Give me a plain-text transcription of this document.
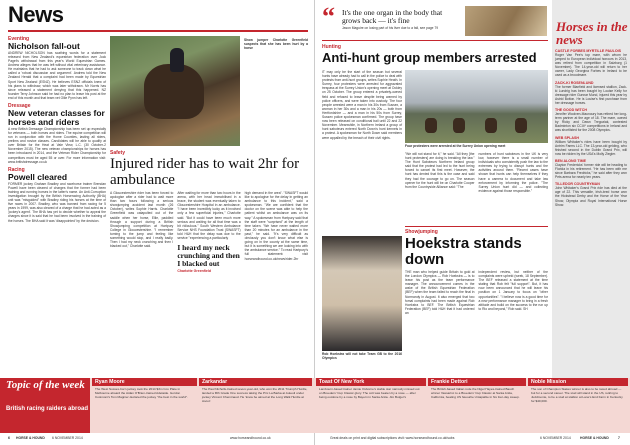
News

Eventing

Nicholson fall-out

ANDREW NICHOLSON has scathing words for a statement released from New Zealand's equestrian federation over Jock Paget's withdrawal from this year's World Equestrian Games. Andrew alleges that he was left without vital veterinary assistance. He maintains that he had to ask someone to track down what he called a 'robust discussion and argument'. Andrew told the New Zealand Herald that a complaint had been made by Equestrian Sport New Zealand (ESNZ). He believes ESNZ officials knew of his plans to withdraw, which was later withdrawn. Mr Norris has since released a statement denying that this happened. NZ founder Terry Johnson said he had no plan to leave his post at the end of this month and that team vet Ollie Pynn has left.

Dressage

New veteran classes for horses and riders

A new British Dressage Championship has been set up especially for veterans — both horses and riders. The equine competition will run in conjunction with the Home Counties, lasting all riders, prelims and novice classes. Candidates will be able to qualify at over Britain for the Heat at Vale View, L.C. (30 October-2 November 2015). The new veteran championships for horses has been introduced in 2014, and the Veteran Rider Championship for competitors must be aged 55 or over. For more information visit: www.britishdressage.co.uk

Racing

Powell cleared

FORMER jockey Graham Bradley and racehorse trainer Brendan Powell have been cleared of charges that the former had been training and running horses in the latter's name. An Anti-Corruption investigation brought by the British Horseracing Authority (BHA) unit was "misguided" with Bradley riding his horses at the time of five races in 2007. Bradley, who was banned from racing for 5 years in 1999, was also cleared of a charge that he had acted as a 'jockey's agent'. The BHA has yet to decide whether to appeal the charges since it is said that he had been involved in the training of the horses. The BHA said it was 'disappointed' by the decision.
Show jumper Charlotte Greenfield suspects that she has been hurt by a horse

Safety

Injured rider has to wait 2hr for ambulance

A Gloucestershire rider has been forced to apologise after a rider had to wait more than two hours following a serious showjumping accident last month (26 October), writes Sophie Harris. Charlotte Greenfield was catapulted out of the saddle when her horse, Ellie, paddled through a support during a British Showjumping competition at Hartpury College in Gloucestershire. "I remember turning to the jump and feeling like something would stop, and I really badly. Then I had my neck crunching and then I blacked out," Charlotte said.
After waiting for more than two hours in the arena, with her head immobilised in a brace, the student was eventually taken to Gloucestershire Hospital in an ambulance. "I have been incredibly lucky as it involved only a few superficial injuries," Charlotte said. "But it could have been much more serious and waiting for all that time was a bit ridiculous." South Western Ambulance Service NHS Foundation Trust (SWASFT) told H&H that the delay was due to the service "experiencing a particularly
I heard my neck crunching and then I blacked out
Charlotte Greenfield
high demand in the area". "SWASFT would like to apologise for the delay in getting an ambulance to this incident," said a spokesman. "We are confident that the doctor on the scene was able to help the patient whilst an ambulance was on its way." A spokesman from Hartpury said that the staff were "surprised" at the length of time taken. "We have never waited more than 20 minutes for an ambulance in the past," he said. "It's very difficult as obviously you don't know what else is going on in the county at the same time, but it is something we are looking into with the ambulance service." To read Hartpury's full statement: visit horseandhound.co.uk/news/rider-2hr
“ It's the one organ in the body that grows back — it's fine
Jason Maguire on losing part of his liver due to a fall, see page 79

Hunting

Anti-hunt group members arrested

IT may only be the start of the season but several hunts have already had to call in the police to deal with protests from anti-hunt groups, writes Sophie Heath. In Surrey, four protesters were arrested for aggravated trespass at the Surrey Union's opening meet at Ockley on 25 October. The group entered a privately-owned field and refused to leave despite being warned by police officers, and were taken into custody. The four people arrested were a man in his 30s from Sussex, a woman in her 30s and a man in his 20s — both from Hertfordshire — and a man in his 50s from Surrey, Sussex police spokesman confirmed. The group have now been released on conditional bail until 22 and 22 November. Meanwhile, in Northern Ireland a group of hunt saboteurs entered North Down's hunt kennels in a protest. A spokesman for North Down said members were appalled by the breach of their civil rights.
Four protesters were arrested at the Surrey Union opening meet
"We will not stand for it," he said. "All they [the hunt protesters] are doing is breaking the law." The Hunt Saboteurs Northern Ireland group said that the protest had led to the hunt being forced to cancel its first meet. However, the hunt has denied that this is the case and said they had the courage to go on. The season opener for the hunt will be on Charlotte Cooper from the Countryside Alliance said: "The
numbers of hunt saboteurs in the UK is very low, however there is a small number of individuals who consistently push the law to the extremes by trying to disrupt hunts and the activities around them. "Recent cases have shown that hunts can help themselves if they have a camera to document and take law enforcement by informing the police. "The Surrey Union hunt did — and collecting evidence against those responsible."

Showjumping

Hoekstra stands down

THE man who helped guide Britain to gold at the London Olympics — Rob Hoekstra — is to leave his post as the team performance manager. The announcement comes in the wake of the British Equestrian Federation (BEF) when the team failed to reach the final in Normandy in August. It also emerged that two fomal complaints had been made against Rob Hoekstra to BEF. The British Equestrian Federation (BEF) told H&H that it had ordered an
independent review, but neither of the complaints were upheld (week, 18 September). The BEF released a statement at the time stating that Rob felt "full support". But, it has now been announced that he will leave his position on 1 January to focus on "other opportunities". "I believe now is a good time for a new performance manager to bring in a fresh attitude and build on the success to the run up to Rio and beyond," Rob said. SH
Rob Hoekstra will not take Team GB to the 2016 Olympics
Horses in the news

CASTLE FORBES MYRTILLE PAULOIS

Roger Van Pee's top mare, with whom he jumped to European individual honours in 2013, was retired from competition in Salzburg (1 November). The 14-year-old will return to her owner, Lady Georgina Forbes in Ireland to be used as a broodmare.

ZACK-KI ROSENLUND

The former Blanfield and licensed stallion, Zack-ki Lundrig has been bought by Louise Kelly for dressage rider Gunnar Mund, injured this year by Astrid Botton. He is Louise's first purchase from her dressage horses.

THE GOOD WITCH

Jennifer Woolven-Maunoury has retired her long-term partner at the age of 18. The mare, owned by Ricky and Dawn Tregoziak, contested Badminton six CCI4* competitions in Ireland and was shortlisted for the 2008 Olympics.

WEB SPLASH

William Whitaker's rides have been bought by Antrim Farms LLC. The 13-year-old gelding, who finished second in the Dublin Grand Prix, will now be ridden by the USA's Molly Ziegler.

BEN ALONG TIME

Clayton Fredericks' former ride will be heading to Florida in his retirement. "He has been with me since Barbara Fredricks," he said after they won Pets arena for nearly ten years.

TILLEDOR COUNTRYMAN

John Whitaker's Grand Prix ride has died at the age of 22. This versatile, Irish-bred horse won the Hickstead Derby and the Horse of the Year Show, Olympia and Royal International Horse Show.
Topic of the week
British racing raiders abroad
Ryan Moore
The West Sussex-born jockey took the 2014 $3m Cox Plate in Melbourne aboard the Aidan O'Brien-trained Adelaide. Gordon Cosimoni's Tom Magnier declared the jockey "the best in the world".
Zarkandar
The Paul Nicholls-trained seven-year-old, who won the 2011 Triumph Hurdle, landed a fifth Grade One success taking the Prix La Barka at Auteuil under jockey Vincent Cheminaud. He 'knew be aimed at the Long Walk Hurdle at Ascot'.
Toast Of New York
Lambourn-based trainer Jamie Osborne's stable star narrowly missed out on Breeders' Cup Classic glory. The colt was beaten by a nose — after being outdone by a nose by Bayern in Santa Anita. Jim Bolger's
Frankie Dettori
The British-based Italian rode the Nigel Hayes-trained Bauch winner Vassarinc to a Breeders' Cup Classic at Santa Anita, California, beating US favourite Untapable in his four-day sweep.
Noble Mission
The son of Champion Stakes winner is also to be raced abroad — but for a second career. The stud will stand in the US, retiring to Juddmonte, to be a stud at stallion at Lane's End Farm in Kentucky for $40,000.
6 HORSE & HOUND 6 NOVEMBER 2014	www.horseandhound.co.uk	Great deals on print and digital subscriptions visit: www.horseandhound.co.uk/subs	6 NOVEMBER 2014	HORSE & HOUND	7
